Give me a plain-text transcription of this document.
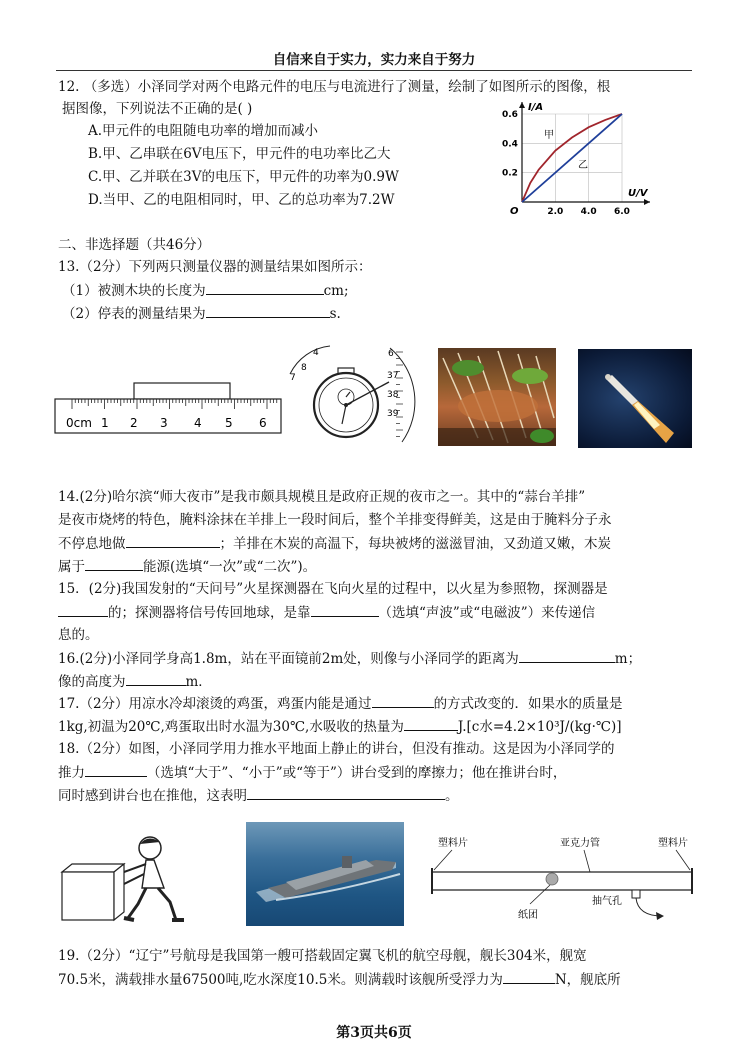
自信来自于实力，实力来自于努力
12. （多选）小泽同学对两个电路元件的电压与电流进行了测量，绘制了如图所示的图像，根
据图像，下列说法不正确的是( )
A.甲元件的电阻随电功率的增加而减小
B.甲、乙串联在6V电压下，甲元件的电功率比乙大
C.甲、乙并联在3V的电压下，甲元件的功率为0.9W
D.当甲、乙的电阻相同时，甲、乙的总功率为7.2W
2.0 4.0 6.0
0.2
0.4
0.6
I/A
U/V
O
甲
乙
二、非选择题（共46分）
13.（2分）下列两只测量仪器的测量结果如图所示：
（1）被测木块的长度为	cm;
（2）停表的测量结果为	s.
0cm 1 2 3 4 5 6
4	6
37
7
38
8
39
14.(2分)哈尔滨“师大夜市”是我市颇具规模且是政府正规的夜市之一。其中的“蒜台羊排”
是夜市烧烤的特色，腌料涂抹在羊排上一段时间后，整个羊排变得鲜美，这是由于腌料分子永
不停息地做	；羊排在木炭的高温下，每块被烤的滋滋冒油，又劲道又嫩，木炭
属于	能源(选填“一次”或“二次”)。
15．(2分)我国发射的“天问号”火星探测器在飞向火星的过程中，以火星为参照物，探测器是
的；探测器将信号传回地球，是靠	（选填“声波”或“电磁波”）来传递信
息的。
16.(2分)小泽同学身高1.8m，站在平面镜前2m处，则像与小泽同学的距离为	m；
像的高度为	m．
17.（2分）用凉水冷却滚烫的鸡蛋，鸡蛋内能是通过	的方式改变的．如果水的质量是
1kg,初温为20℃,鸡蛋取出时水温为30℃,水吸收的热量为	J.[c水=4.2×10³J/(kg·℃)]
18.（2分）如图，小泽同学用力推水平地面上静止的讲台，但没有推动。这是因为小泽同学的
推力	（选填“大于”、“小于”或“等于”）讲台受到的摩擦力；他在推讲台时，
同时感到讲台也在推他，这表明	。
塑料片	亚克力管	塑料片
纸团
抽气孔
19.（2分）“辽宁”号航母是我国第一艘可搭载固定翼飞机的航空母舰，舰长304米，舰宽
70.5米，满载排水量67500吨,吃水深度10.5米。则满载时该舰所受浮力为	N，舰底所
第3页共6页
